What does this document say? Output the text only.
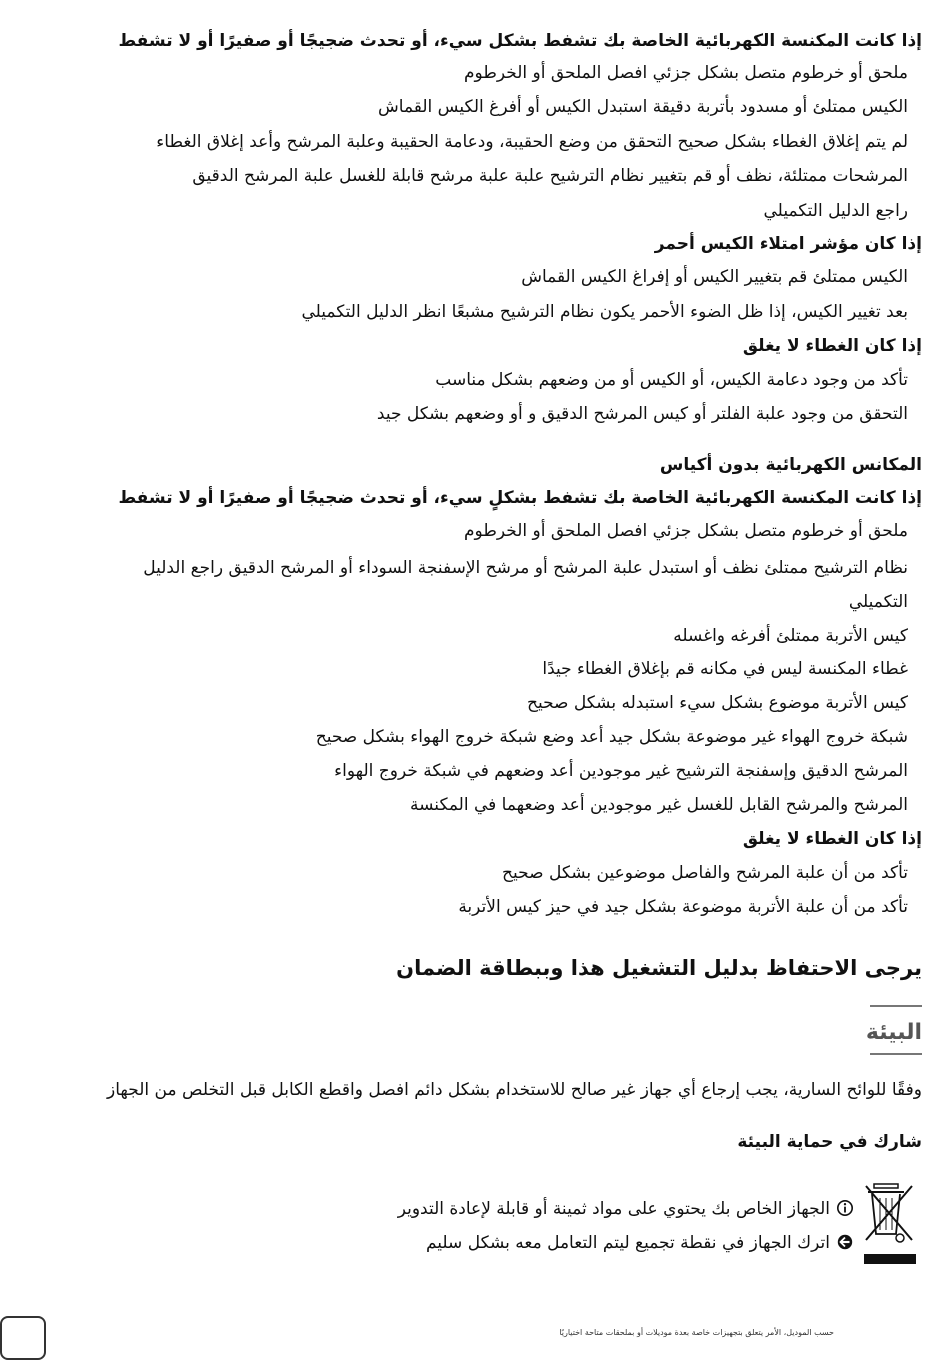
إذا كانت المكنسة الكهربائية الخاصة بك تشفط بشكل سيء، أو تحدث ضجيجًا أو صفيرًا أو لا تشفط
ملحق أو خرطوم متصل بشكل جزئي افصل الملحق أو الخرطوم
الكيس ممتلئ أو مسدود بأتربة دقيقة استبدل الكيس أو أفرغ الكيس القماش
لم يتم إغلاق الغطاء بشكل صحيح التحقق من وضع الحقيبة، ودعامة الحقيبة وعلبة المرشح وأعد إغلاق الغطاء
المرشحات ممتلئة، نظف أو قم بتغيير نظام الترشيح علبة علبة مرشح قابلة للغسل علبة المرشح الدقيق
راجع الدليل التكميلي
إذا كان مؤشر امتلاء الكيس أحمر
الكيس ممتلئ قم بتغيير الكيس أو إفراغ الكيس القماش
بعد تغيير الكيس، إذا ظل الضوء الأحمر يكون نظام الترشيح مشبعًا انظر الدليل التكميلي
إذا كان الغطاء لا يغلق
تأكد من وجود دعامة الكيس، أو الكيس أو من وضعهم بشكل مناسب
التحقق من وجود علبة الفلتر أو كيس المرشح الدقيق و أو وضعهم بشكل جيد
المكانس الكهربائية بدون أكياس
إذا كانت المكنسة الكهربائية الخاصة بك تشفط بشكلٍ سيء، أو تحدث ضجيجًا أو صفيرًا أو لا تشفط
ملحق أو خرطوم متصل بشكل جزئي افصل الملحق أو الخرطوم
نظام الترشيح ممتلئ نظف أو استبدل علبة المرشح أو مرشح الإسفنجة السوداء أو المرشح الدقيق راجع الدليل
التكميلي
كيس الأتربة ممتلئ أفرغه واغسله
غطاء المكنسة ليس في مكانه قم بإغلاق الغطاء جيدًا
كيس الأتربة موضوع بشكل سيء استبدله بشكل صحيح
شبكة خروج الهواء غير موضوعة بشكل جيد أعد وضع شبكة خروج الهواء بشكل صحيح
المرشح الدقيق وإسفنجة الترشيح غير موجودين أعد وضعهم في شبكة خروج الهواء
المرشح والمرشح القابل للغسل غير موجودين أعد وضعهما في المكنسة
إذا كان الغطاء لا يغلق
تأكد من أن علبة المرشح والفاصل موضوعين بشكل صحيح
تأكد من أن علبة الأتربة موضوعة بشكل جيد في حيز كيس الأتربة
يرجى الاحتفاظ بدليل التشغيل هذا وببطاقة الضمان
البيئة
وفقًا للوائح السارية، يجب إرجاع أي جهاز غير صالح للاستخدام بشكل دائم افصل واقطع الكابل قبل التخلص من الجهاز
شارك في حماية البيئة
الجهاز الخاص بك يحتوي على مواد ثمينة أو قابلة لإعادة التدوير
اترك الجهاز في نقطة تجميع ليتم التعامل معه بشكل سليم
حسب الموديل، الأمر يتعلق بتجهيزات خاصة بعدة موديلات أو بملحقات متاحة اختياريًا
